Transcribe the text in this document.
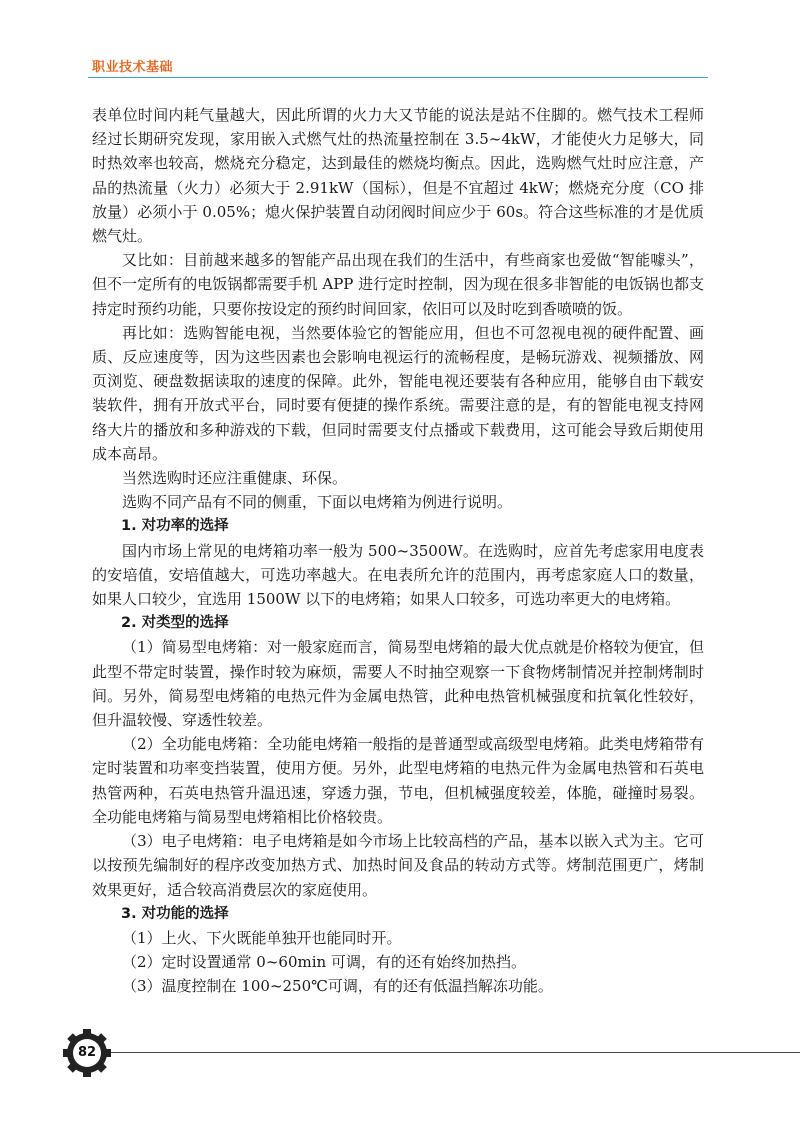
职业技术基础

表单位时间内耗气量越大，因此所谓的火力大又节能的说法是站不住脚的。燃气技术工程师经过长期研究发现，家用嵌入式燃气灶的热流量控制在 3.5~4kW，才能使火力足够大，同时热效率也较高，燃烧充分稳定，达到最佳的燃烧均衡点。因此，选购燃气灶时应注意，产品的热流量（火力）必须大于 2.91kW（国标），但是不宜超过 4kW；燃烧充分度（CO 排放量）必须小于 0.05%；熄火保护装置自动闭阀时间应少于 60s。符合这些标准的才是优质燃气灶。

又比如：目前越来越多的智能产品出现在我们的生活中，有些商家也爱做“智能噱头”，但不一定所有的电饭锅都需要手机 APP 进行定时控制，因为现在很多非智能的电饭锅也都支持定时预约功能，只要你按设定的预约时间回家，依旧可以及时吃到香喷喷的饭。

再比如：选购智能电视，当然要体验它的智能应用，但也不可忽视电视的硬件配置、画质、反应速度等，因为这些因素也会影响电视运行的流畅程度，是畅玩游戏、视频播放、网页浏览、硬盘数据读取的速度的保障。此外，智能电视还要装有各种应用，能够自由下载安装软件，拥有开放式平台，同时要有便捷的操作系统。需要注意的是，有的智能电视支持网络大片的播放和多种游戏的下载，但同时需要支付点播或下载费用，这可能会导致后期使用成本高昂。

当然选购时还应注重健康、环保。

选购不同产品有不同的侧重，下面以电烤箱为例进行说明。

1. 对功率的选择

国内市场上常见的电烤箱功率一般为 500~3500W。在选购时，应首先考虑家用电度表的安培值，安培值越大，可选功率越大。在电表所允许的范围内，再考虑家庭人口的数量，如果人口较少，宜选用 1500W 以下的电烤箱；如果人口较多，可选功率更大的电烤箱。

2. 对类型的选择

（1）简易型电烤箱：对一般家庭而言，简易型电烤箱的最大优点就是价格较为便宜，但此型不带定时装置，操作时较为麻烦，需要人不时抽空观察一下食物烤制情况并控制烤制时间。另外，简易型电烤箱的电热元件为金属电热管，此种电热管机械强度和抗氧化性较好，但升温较慢、穿透性较差。

（2）全功能电烤箱：全功能电烤箱一般指的是普通型或高级型电烤箱。此类电烤箱带有定时装置和功率变挡装置，使用方便。另外，此型电烤箱的电热元件为金属电热管和石英电热管两种，石英电热管升温迅速，穿透力强，节电，但机械强度较差，体脆，碰撞时易裂。全功能电烤箱与简易型电烤箱相比价格较贵。

（3）电子电烤箱：电子电烤箱是如今市场上比较高档的产品，基本以嵌入式为主。它可以按预先编制好的程序改变加热方式、加热时间及食品的转动方式等。烤制范围更广，烤制效果更好，适合较高消费层次的家庭使用。

3. 对功能的选择

（1）上火、下火既能单独开也能同时开。

（2）定时设置通常 0~60min 可调，有的还有始终加热挡。

（3）温度控制在 100~250℃可调，有的还有低温挡解冻功能。

82
